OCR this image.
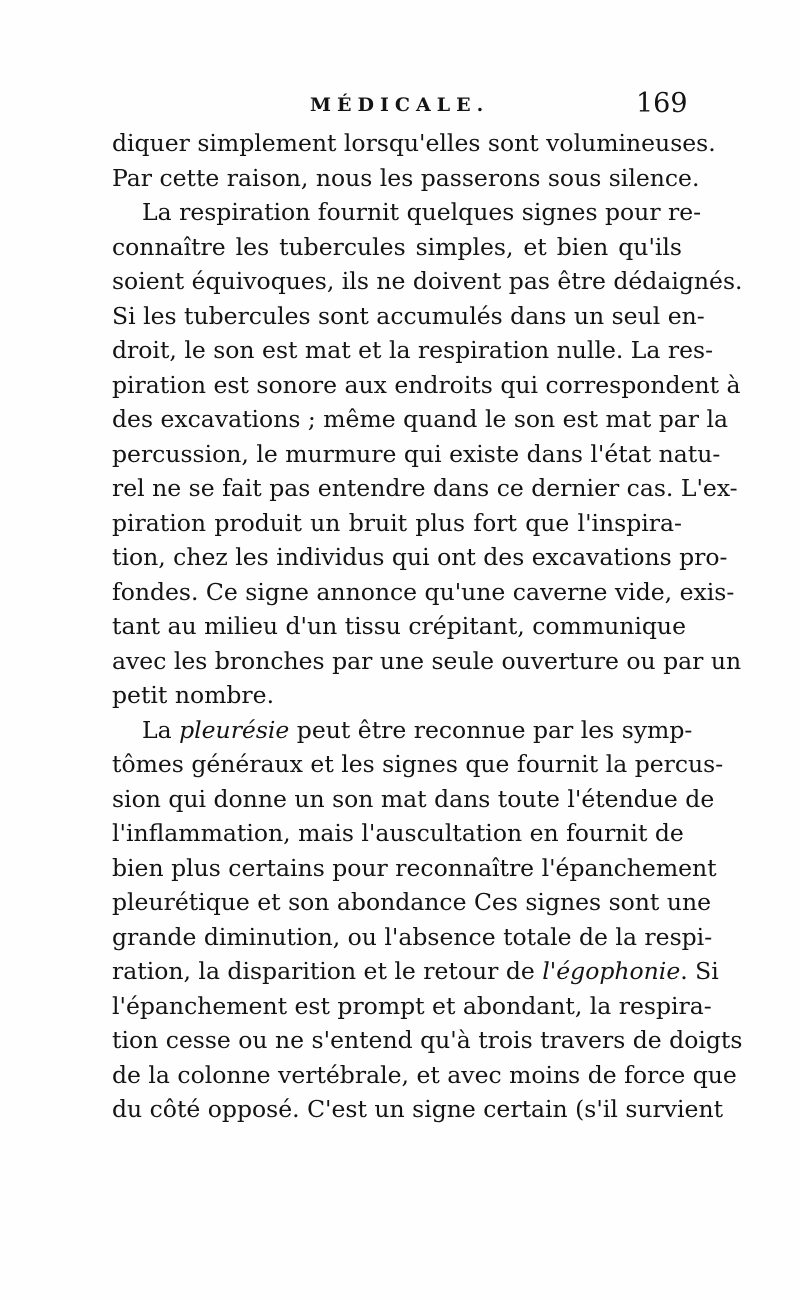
MÉDICALE.	169
diquer simplement lorsqu'elles sont volumineuses.
Par cette raison, nous les passerons sous silence.
La respiration fournit quelques signes pour re-
connaître les tubercules simples, et bien qu'ils
soient équivoques, ils ne doivent pas être dédaignés.
Si les tubercules sont accumulés dans un seul en-
droit, le son est mat et la respiration nulle. La res-
piration est sonore aux endroits qui correspondent à
des excavations ; même quand le son est mat par la
percussion, le murmure qui existe dans l'état natu-
rel ne se fait pas entendre dans ce dernier cas. L'ex-
piration produit un bruit plus fort que l'inspira-
tion, chez les individus qui ont des excavations pro-
fondes. Ce signe annonce qu'une caverne vide, exis-
tant au milieu d'un tissu crépitant, communique
avec les bronches par une seule ouverture ou par un
petit nombre.
La pleurésie peut être reconnue par les symp-
tômes généraux et les signes que fournit la percus-
sion qui donne un son mat dans toute l'étendue de
l'inflammation, mais l'auscultation en fournit de
bien plus certains pour reconnaître l'épanchement
pleurétique et son abondance Ces signes sont une
grande diminution, ou l'absence totale de la respi-
ration, la disparition et le retour de l'égophonie. Si
l'épanchement est prompt et abondant, la respira-
tion cesse ou ne s'entend qu'à trois travers de doigts
de la colonne vertébrale, et avec moins de force que
du côté opposé. C'est un signe certain (s'il survient
